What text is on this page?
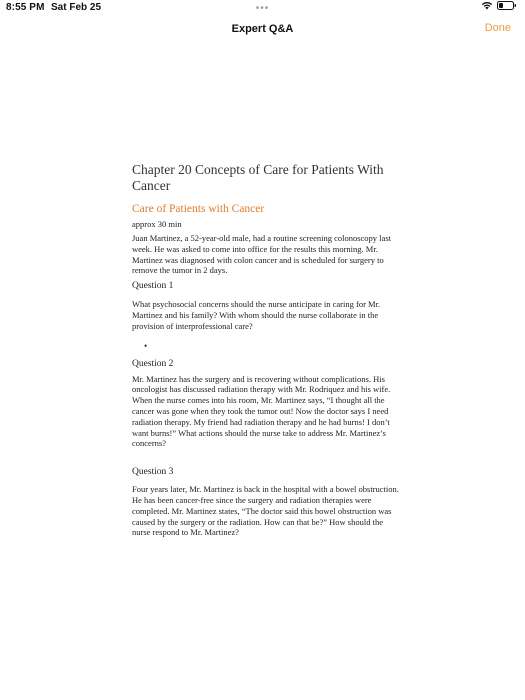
8:55 PM Sat Feb 25	•••
Expert Q&A	Done
Chapter 20 Concepts of Care for Patients With Cancer

Care of Patients with Cancer

approx 30 min

Juan Martinez, a 52-year-old male, had a routine screening colonoscopy last week. He was asked to come into office for the results this morning. Mr. Martinez was diagnosed with colon cancer and is scheduled for surgery to remove the tumor in 2 days.

Question 1

What psychosocial concerns should the nurse anticipate in caring for Mr. Martinez and his family? With whom should the nurse collaborate in the provision of interprofessional care?

•

Question 2

Mr. Martinez has the surgery and is recovering without complications. His oncologist has discussed radiation therapy with Mr. Rodriquez and his wife. When the nurse comes into his room, Mr. Martinez says, “I thought all the cancer was gone when they took the tumor out! Now the doctor says I need radiation therapy. My friend had radiation therapy and he had burns! I don’t want burns!” What actions should the nurse take to address Mr. Martinez’s concerns?

Question 3

Four years later, Mr. Martinez is back in the hospital with a bowel obstruction. He has been cancer-free since the surgery and radiation therapies were completed. Mr. Martinez states, “The doctor said this bowel obstruction was caused by the surgery or the radiation. How can that be?” How should the nurse respond to Mr. Martinez?
